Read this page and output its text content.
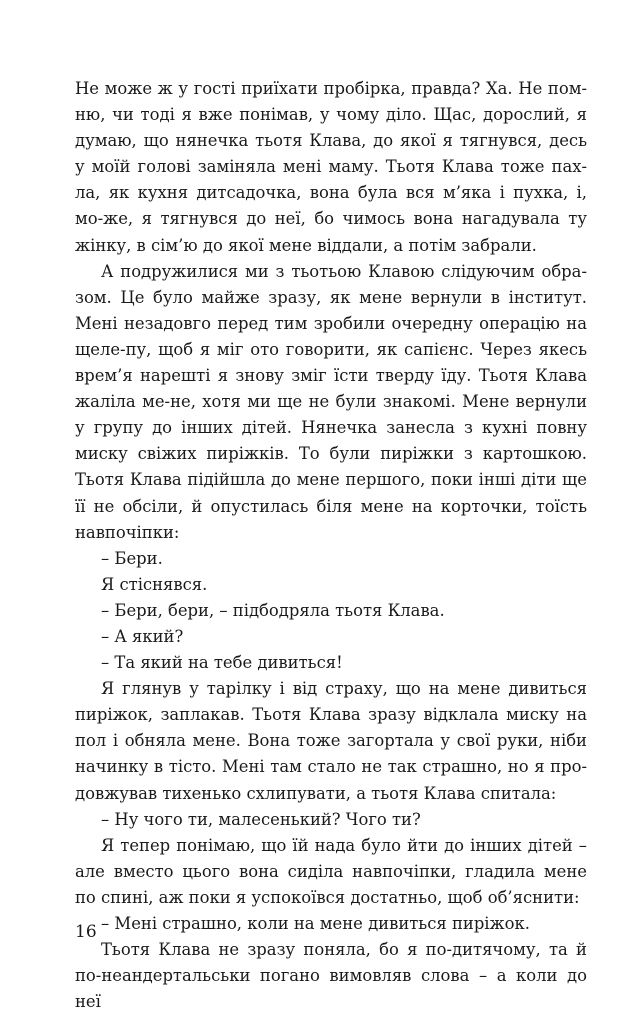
Не може ж у гості приїхати пробірка, правда? Ха. Не пом-ню, чи тоді я вже понімав, у чому діло. Щас, дорослий, я думаю, що нянечка тьотя Клава, до якої я тягнувся, десь у моїй голові заміняла мені маму. Тьотя Клава тоже пах-ла, як кухня дитсадочка, вона була вся м’яка і пухка, і, мо-же, я тягнувся до неї, бо чимось вона нагадувала ту жінку, в сім’ю до якої мене віддали, а потім забрали.

А подружилися ми з тьотьою Клавою слідуючим обра-зом. Це було майже зразу, як мене вернули в інститут. Мені незадовго перед тим зробили очередну операцію на щеле-пу, щоб я міг ото говорити, як сапієнс. Через якесь врем’я нарешті я знову зміг їсти тверду їду. Тьотя Клава жаліла ме-не, хотя ми ще не були знакомі. Мене вернули у групу до інших дітей. Нянечка занесла з кухні повну миску свіжих пиріжків. То були пиріжки з картошкою. Тьотя Клава підійшла до мене першого, поки інші діти ще її не обсіли, й опустилась біля мене на корточки, тоїсть навпочіпки:

– Бери.

Я стіснявся.

– Бери, бери, – підбодряла тьотя Клава.

– А який?

– Та який на тебе дивиться!

Я глянув у тарілку і від страху, що на мене дивиться пиріжок, заплакав. Тьотя Клава зразу відклала миску на пол і обняла мене. Вона тоже загортала у свої руки, ніби начинку в тісто. Мені там стало не так страшно, но я про-довжував тихенько схлипувати, а тьотя Клава спитала:

– Ну чого ти, малесенький? Чого ти?

Я тепер понімаю, що їй нада було йти до інших дітей – але вместо цього вона сиділа навпочіпки, гладила мене по спині, аж поки я успокоївся достатньо, щоб об’яснити:

– Мені страшно, коли на мене дивиться пиріжок.

Тьотя Клава не зразу поняла, бо я по-дитячому, та й по-неандертальськи погано вимовляв слова – а коли до неї

16
